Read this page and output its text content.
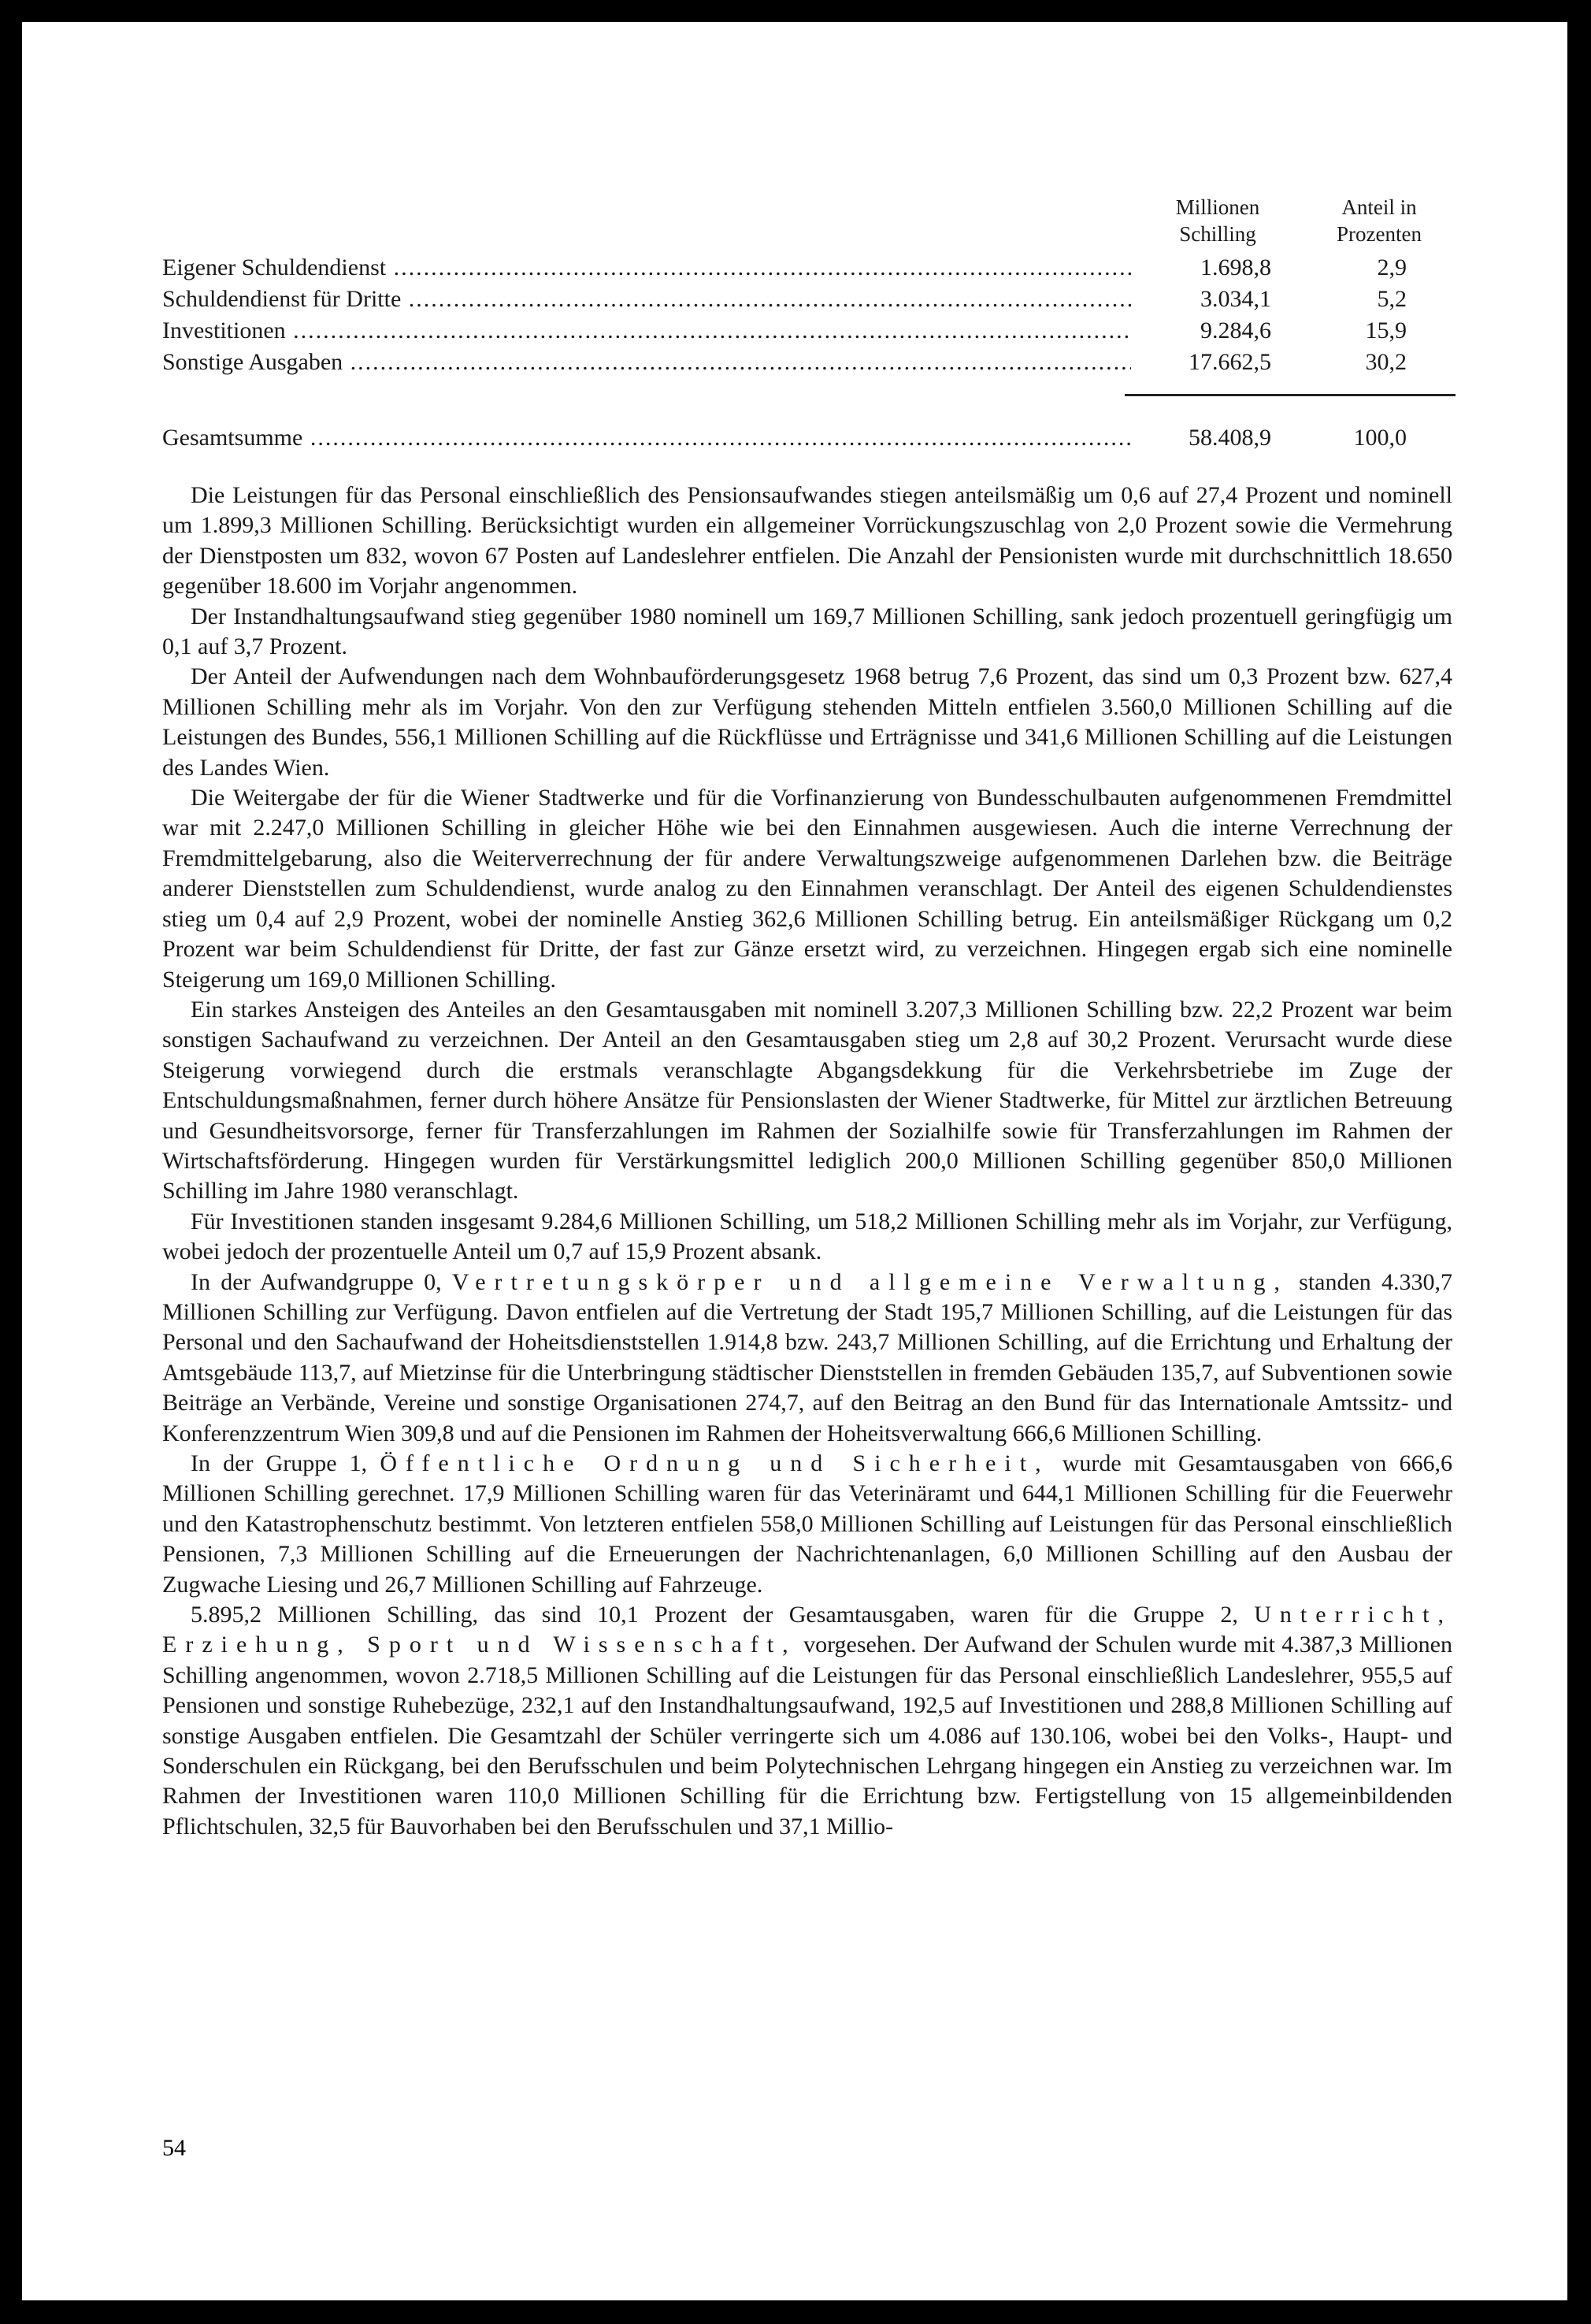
Millionen
Schilling
Anteil in
Prozenten
Eigener Schuldendienst .....	1.698,8	2,9
Schuldendienst für Dritte .....	3.034,1	5,2
Investitionen .....	9.284,6	15,9
Sonstige Ausgaben .....	17.662,5	30,2
Gesamtsumme .....	58.408,9	100,0

Die Leistungen für das Personal einschließlich des Pensionsaufwandes stiegen anteilsmäßig um 0,6 auf 27,4 Prozent und nominell um 1.899,3 Millionen Schilling. Berücksichtigt wurden ein allgemeiner Vorrückungszuschlag von 2,0 Prozent sowie die Vermehrung der Dienstposten um 832, wovon 67 Posten auf Landeslehrer entfielen. Die Anzahl der Pensionisten wurde mit durchschnittlich 18.650 gegenüber 18.600 im Vorjahr angenommen.

Der Instandhaltungsaufwand stieg gegenüber 1980 nominell um 169,7 Millionen Schilling, sank jedoch prozentuell geringfügig um 0,1 auf 3,7 Prozent.

Der Anteil der Aufwendungen nach dem Wohnbauförderungsgesetz 1968 betrug 7,6 Prozent, das sind um 0,3 Prozent bzw. 627,4 Millionen Schilling mehr als im Vorjahr. Von den zur Verfügung stehenden Mitteln entfielen 3.560,0 Millionen Schilling auf die Leistungen des Bundes, 556,1 Millionen Schilling auf die Rückflüsse und Erträgnisse und 341,6 Millionen Schilling auf die Leistungen des Landes Wien.

Die Weitergabe der für die Wiener Stadtwerke und für die Vorfinanzierung von Bundesschulbauten aufgenommenen Fremdmittel war mit 2.247,0 Millionen Schilling in gleicher Höhe wie bei den Einnahmen ausgewiesen. Auch die interne Verrechnung der Fremdmittelgebarung, also die Weiterverrechnung der für andere Verwaltungszweige aufgenommenen Darlehen bzw. die Beiträge anderer Dienststellen zum Schuldendienst, wurde analog zu den Einnahmen veranschlagt. Der Anteil des eigenen Schuldendienstes stieg um 0,4 auf 2,9 Prozent, wobei der nominelle Anstieg 362,6 Millionen Schilling betrug. Ein anteilsmäßiger Rückgang um 0,2 Prozent war beim Schuldendienst für Dritte, der fast zur Gänze ersetzt wird, zu verzeichnen. Hingegen ergab sich eine nominelle Steigerung um 169,0 Millionen Schilling.

Ein starkes Ansteigen des Anteiles an den Gesamtausgaben mit nominell 3.207,3 Millionen Schilling bzw. 22,2 Prozent war beim sonstigen Sachaufwand zu verzeichnen. Der Anteil an den Gesamtausgaben stieg um 2,8 auf 30,2 Prozent. Verursacht wurde diese Steigerung vorwiegend durch die erstmals veranschlagte Abgangsdekkung für die Verkehrsbetriebe im Zuge der Entschuldungsmaßnahmen, ferner durch höhere Ansätze für Pensionslasten der Wiener Stadtwerke, für Mittel zur ärztlichen Betreuung und Gesundheitsvorsorge, ferner für Transferzahlungen im Rahmen der Sozialhilfe sowie für Transferzahlungen im Rahmen der Wirtschaftsförderung. Hingegen wurden für Verstärkungsmittel lediglich 200,0 Millionen Schilling gegenüber 850,0 Millionen Schilling im Jahre 1980 veranschlagt.

Für Investitionen standen insgesamt 9.284,6 Millionen Schilling, um 518,2 Millionen Schilling mehr als im Vorjahr, zur Verfügung, wobei jedoch der prozentuelle Anteil um 0,7 auf 15,9 Prozent absank.

In der Aufwandgruppe 0, Vertretungskörper und allgemeine Verwaltung, standen 4.330,7 Millionen Schilling zur Verfügung. Davon entfielen auf die Vertretung der Stadt 195,7 Millionen Schilling, auf die Leistungen für das Personal und den Sachaufwand der Hoheitsdienststellen 1.914,8 bzw. 243,7 Millionen Schilling, auf die Errichtung und Erhaltung der Amtsgebäude 113,7, auf Mietzinse für die Unterbringung städtischer Dienststellen in fremden Gebäuden 135,7, auf Subventionen sowie Beiträge an Verbände, Vereine und sonstige Organisationen 274,7, auf den Beitrag an den Bund für das Internationale Amtssitz- und Konferenzzentrum Wien 309,8 und auf die Pensionen im Rahmen der Hoheitsverwaltung 666,6 Millionen Schilling.

In der Gruppe 1, Öffentliche Ordnung und Sicherheit, wurde mit Gesamtausgaben von 666,6 Millionen Schilling gerechnet. 17,9 Millionen Schilling waren für das Veterinäramt und 644,1 Millionen Schilling für die Feuerwehr und den Katastrophenschutz bestimmt. Von letzteren entfielen 558,0 Millionen Schilling auf Leistungen für das Personal einschließlich Pensionen, 7,3 Millionen Schilling auf die Erneuerungen der Nachrichtenanlagen, 6,0 Millionen Schilling auf den Ausbau der Zugwache Liesing und 26,7 Millionen Schilling auf Fahrzeuge.

5.895,2 Millionen Schilling, das sind 10,1 Prozent der Gesamtausgaben, waren für die Gruppe 2, Unterricht, Erziehung, Sport und Wissenschaft, vorgesehen. Der Aufwand der Schulen wurde mit 4.387,3 Millionen Schilling angenommen, wovon 2.718,5 Millionen Schilling auf die Leistungen für das Personal einschließlich Landeslehrer, 955,5 auf Pensionen und sonstige Ruhebezüge, 232,1 auf den Instandhaltungsaufwand, 192,5 auf Investitionen und 288,8 Millionen Schilling auf sonstige Ausgaben entfielen. Die Gesamtzahl der Schüler verringerte sich um 4.086 auf 130.106, wobei bei den Volks-, Haupt- und Sonderschulen ein Rückgang, bei den Berufsschulen und beim Polytechnischen Lehrgang hingegen ein Anstieg zu verzeichnen war. Im Rahmen der Investitionen waren 110,0 Millionen Schilling für die Errichtung bzw. Fertigstellung von 15 allgemeinbildenden Pflichtschulen, 32,5 für Bauvorhaben bei den Berufsschulen und 37,1 Millio-

54
